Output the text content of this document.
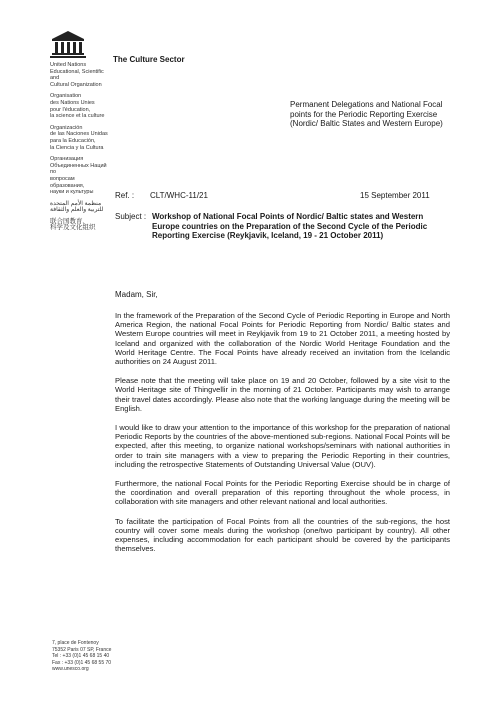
United Nations
Educational, Scientific and
Cultural Organization
Organisation
des Nations Unies
pour l'éducation,
la science et la culture
Organización
de las Naciones Unidas
para la Educación,
la Ciencia y la Cultura
Организация
Объединенных Наций по
вопросам образования,
науки и культуры
منظمة الأمم المتحدة
للتربية والعلم والثقافة
联合国教育、
科学及文化组织
The Culture Sector
Permanent Delegations and National Focal points for the Periodic Reporting Exercise (Nordic/ Baltic States and Western Europe)
Ref. : CLT/WHC-11/21	15 September 2011
Subject : Workshop of National Focal Points of Nordic/ Baltic states and Western Europe countries on the Preparation of the Second Cycle of the Periodic Reporting Exercise (Reykjavik, Iceland, 19 - 21 October 2011)
Madam, Sir,

In the framework of the Preparation of the Second Cycle of Periodic Reporting in Europe and North America Region, the national Focal Points for Periodic Reporting from Nordic/ Baltic states and Western Europe countries will meet in Reykjavik from 19 to 21 October 2011, a meeting hosted by Iceland and organized with the collaboration of the Nordic World Heritage Foundation and the World Heritage Centre. The Focal Points have already received an invitation from the Icelandic authorities on 24 August 2011.

Please note that the meeting will take place on 19 and 20 October, followed by a site visit to the World Heritage site of Thingvellir in the morning of 21 October. Participants may wish to arrange their travel dates accordingly. Please also note that the working language during the meeting will be English.

I would like to draw your attention to the importance of this workshop for the preparation of national Periodic Reports by the countries of the above-mentioned sub-regions. National Focal Points will be expected, after this meeting, to organize national workshops/seminars with national authorities in order to train site managers with a view to preparing the Periodic Reporting in their countries, including the retrospective Statements of Outstanding Universal Value (OUV).

Furthermore, the national Focal Points for the Periodic Reporting Exercise should be in charge of the coordination and overall preparation of this reporting throughout the whole process, in collaboration with site managers and other relevant national and local authorities.

To facilitate the participation of Focal Points from all the countries of the sub-regions, the host country will cover some meals during the workshop (one/two participant by country). All other expenses, including accommodation for each participant should be covered by the participants themselves.

7, place de Fontenoy
75352 Paris 07 SP, France
Tel : +33 (0)1 45 68 15 40
Fax : +33 (0)1 45 68 55 70
www.unesco.org
